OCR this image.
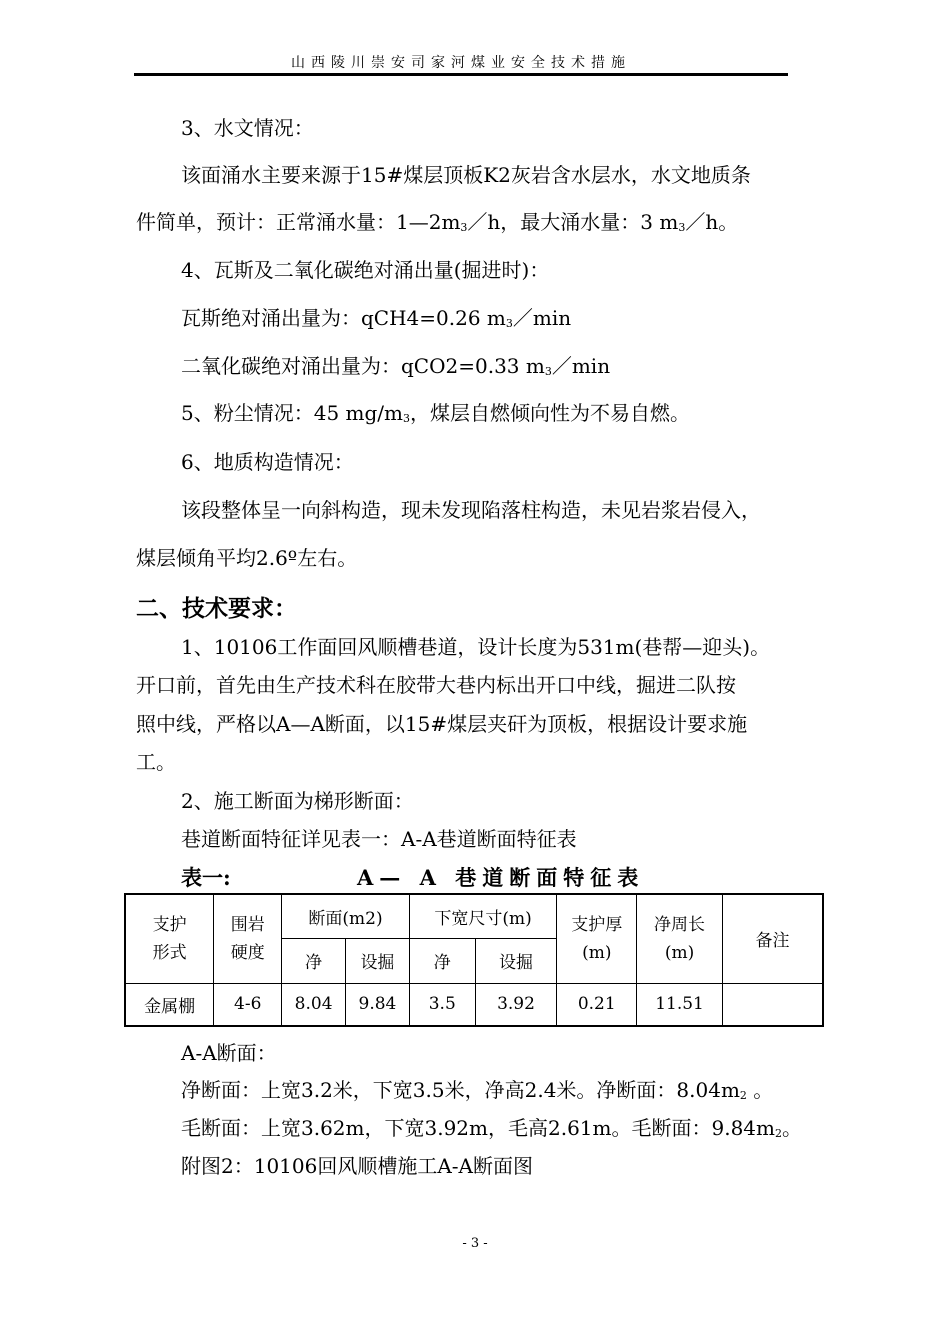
山西陵川崇安司家河煤业安全技术措施
3、水文情况：
该面涌水主要来源于15#煤层顶板K2灰岩含水层水，水文地质条
件简单，预计：正常涌水量：$1—2m_3/h$，最大涌水量：3 $m_3/h$。
4、瓦斯及二氧化碳绝对涌出量(掘进时)：
瓦斯绝对涌出量为：qCH4=0.26 $m_3/\min$
二氧化碳绝对涌出量为：qCO2=0.33 $m_3/\min$
5、粉尘情况：45 $mg/m_3$，煤层自燃倾向性为不易自燃。
6、地质构造情况：
该段整体呈一向斜构造，现未发现陷落柱构造，未见岩浆岩侵入，
煤层倾角平均2.6º左右。
二、技术要求：
1、10106工作面回风顺槽巷道，设计长度为531m(巷帮—迎头)。
开口前，首先由生产技术科在胶带大巷内标出开口中线，掘进二队按
照中线，严格以A—A断面，以15#煤层夹矸为顶板，根据设计要求施
工。
2、施工断面为梯形断面：
巷道断面特征详见表一：A-A巷道断面特征表
表一:	A— A 巷道断面特征表
支护形式	围岩硬度	断面(m2)		下宽尺寸(m)		支护厚(m)	净周长(m)	备注
		净	设掘	净	设掘			
金属棚	4-6	8.04	9.84	3.5	3.92	0.21	11.51	
A-A断面：
净断面：上宽3.2米，下宽3.5米，净高2.4米。净断面：$8.04m_2$ 。
毛断面：上宽3.62m，下宽3.92m，毛高2.61m。毛断面：$9.84m_2$。
附图2：10106回风顺槽施工A-A断面图
- 3 -
